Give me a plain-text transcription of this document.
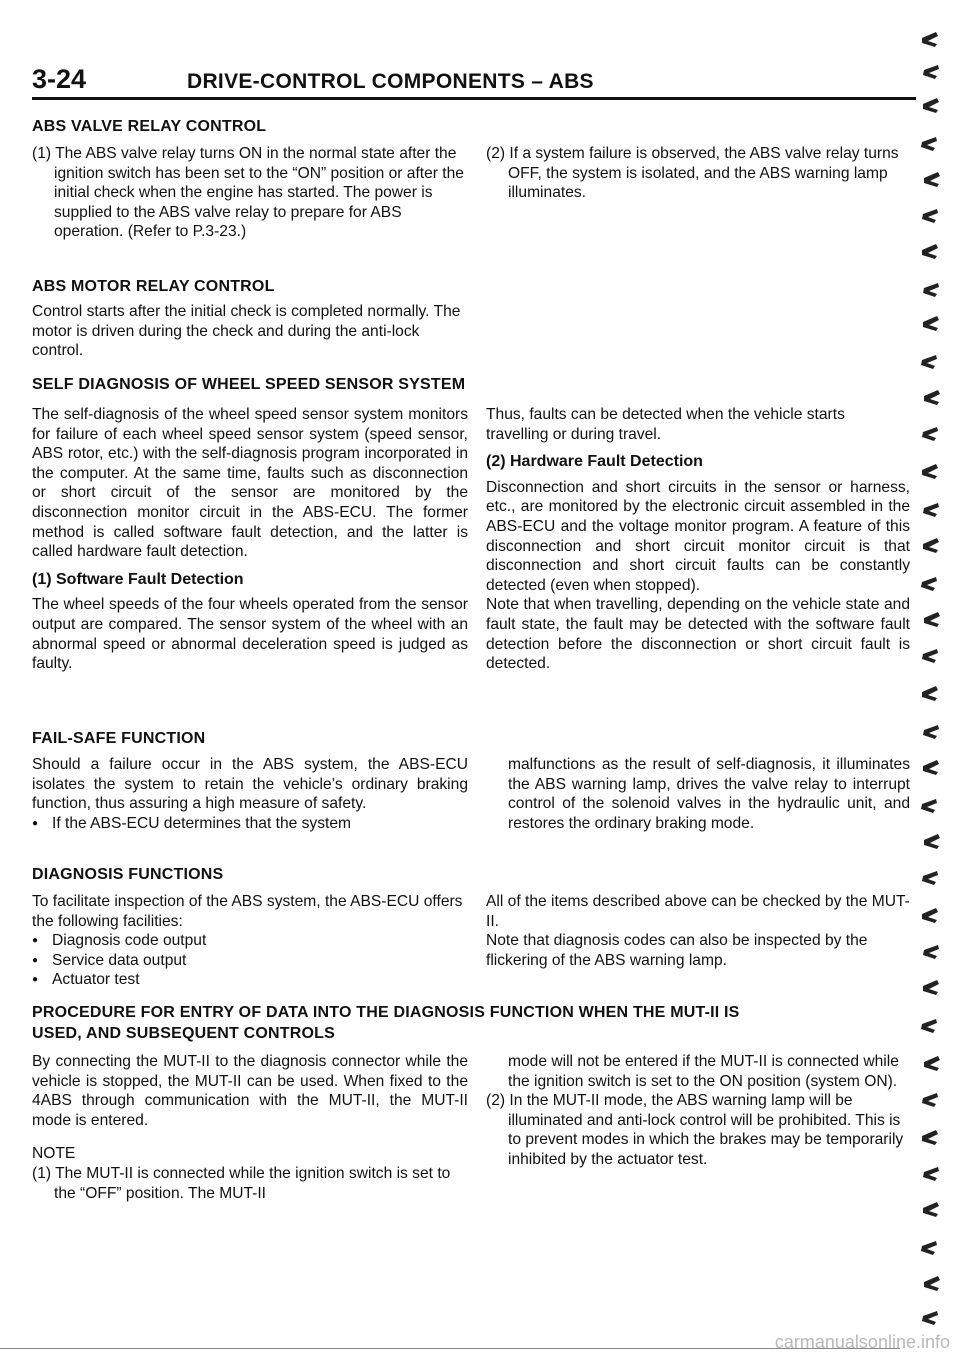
3-24	DRIVE-CONTROL COMPONENTS – ABS
ABS VALVE RELAY CONTROL

(1) The ABS valve relay turns ON in the normal state after the ignition switch has been set to the “ON” position or after the initial check when the engine has started. The power is supplied to the ABS valve relay to prepare for ABS operation. (Refer to P.3-23.)

(2) If a system failure is observed, the ABS valve relay turns OFF, the system is isolated, and the ABS warning lamp illuminates.

ABS MOTOR RELAY CONTROL
Control starts after the initial check is completed normally. The motor is driven during the check and during the anti-lock control.
SELF DIAGNOSIS OF WHEEL SPEED SENSOR SYSTEM

The self-diagnosis of the wheel speed sensor system monitors for failure of each wheel speed sensor system (speed sensor, ABS rotor, etc.) with the self-diagnosis program incorporated in the computer. At the same time, faults such as disconnection or short circuit of the sensor are monitored by the disconnection monitor circuit in the ABS-ECU. The former method is called software fault detection, and the latter is called hardware fault detection.

(1) Software Fault Detection

The wheel speeds of the four wheels operated from the sensor output are compared. The sensor system of the wheel with an abnormal speed or abnormal deceleration speed is judged as faulty.

Thus, faults can be detected when the vehicle starts travelling or during travel.

(2) Hardware Fault Detection

Disconnection and short circuits in the sensor or harness, etc., are monitored by the electronic circuit assembled in the ABS-ECU and the voltage monitor program. A feature of this disconnection and short circuit monitor circuit is that disconnection and short circuit faults can be constantly detected (even when stopped).

Note that when travelling, depending on the vehicle state and fault state, the fault may be detected with the software fault detection before the disconnection or short circuit fault is detected.

FAIL-SAFE FUNCTION

Should a failure occur in the ABS system, the ABS-ECU isolates the system to retain the vehicle’s ordinary braking function, thus assuring a high measure of safety.

● If the ABS-ECU determines that the system

malfunctions as the result of self-diagnosis, it illuminates the ABS warning lamp, drives the valve relay to interrupt control of the solenoid valves in the hydraulic unit, and restores the ordinary braking mode.

DIAGNOSIS FUNCTIONS

To facilitate inspection of the ABS system, the ABS-ECU offers the following facilities:

● Diagnosis code output

● Service data output

● Actuator test

All of the items described above can be checked by the MUT-II.

Note that diagnosis codes can also be inspected by the flickering of the ABS warning lamp.

PROCEDURE FOR ENTRY OF DATA INTO THE DIAGNOSIS FUNCTION WHEN THE MUT-II IS
USED, AND SUBSEQUENT CONTROLS

By connecting the MUT-II to the diagnosis connector while the vehicle is stopped, the MUT-II can be used. When fixed to the 4ABS through communication with the MUT-II, the MUT-II mode is entered.

NOTE

(1) The MUT-II is connected while the ignition switch is set to the “OFF” position. The MUT-II

mode will not be entered if the MUT-II is connected while the ignition switch is set to the ON position (system ON).

(2) In the MUT-II mode, the ABS warning lamp will be illuminated and anti-lock control will be prohibited. This is to prevent modes in which the brakes may be temporarily inhibited by the actuator test.

carmanualsonline.info
